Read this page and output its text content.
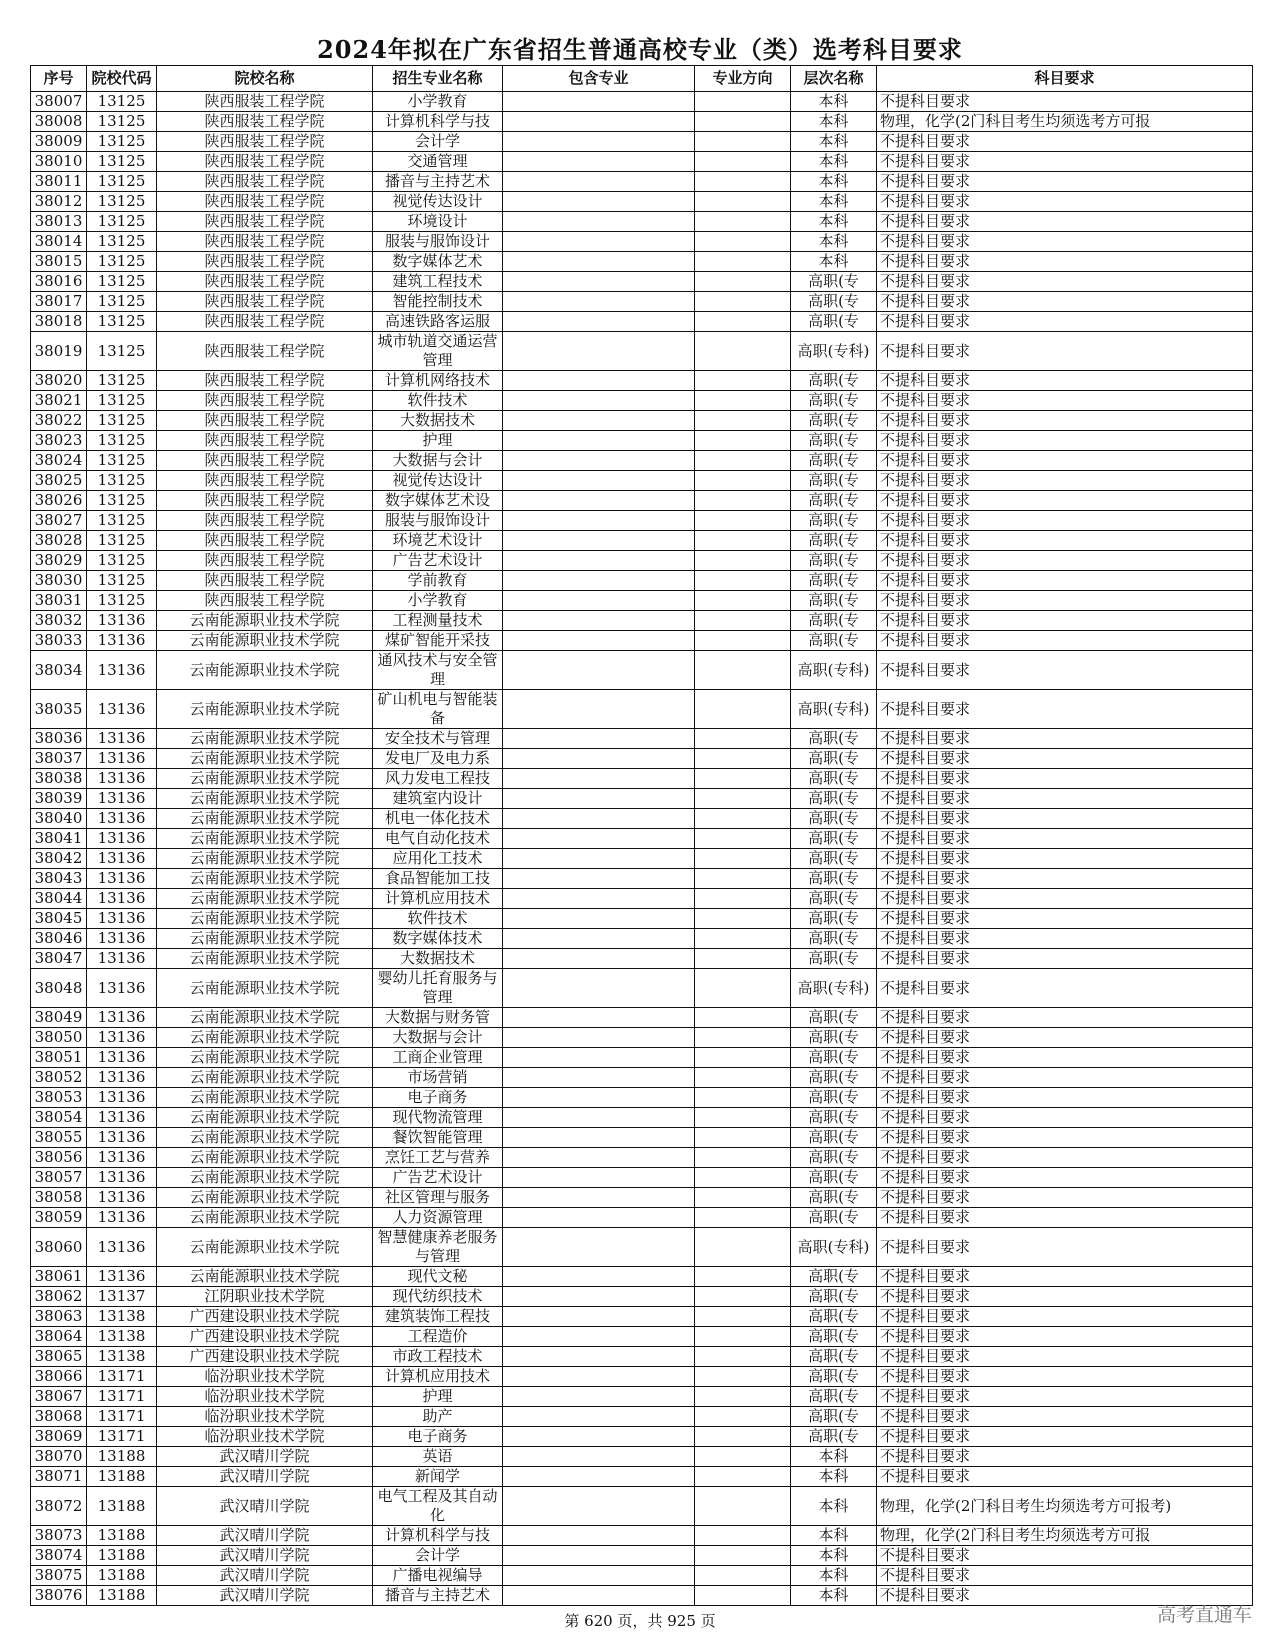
2024年拟在广东省招生普通高校专业（类）选考科目要求
序号	院校代码	院校名称	招生专业名称	包含专业	专业方向	层次名称	科目要求
38007	13125	陕西服装工程学院	小学教育			本科	不提科目要求
38008	13125	陕西服装工程学院	计算机科学与技			本科	物理，化学(2门科目考生均须选考方可报
38009	13125	陕西服装工程学院	会计学			本科	不提科目要求
38010	13125	陕西服装工程学院	交通管理			本科	不提科目要求
38011	13125	陕西服装工程学院	播音与主持艺术			本科	不提科目要求
38012	13125	陕西服装工程学院	视觉传达设计			本科	不提科目要求
38013	13125	陕西服装工程学院	环境设计			本科	不提科目要求
38014	13125	陕西服装工程学院	服装与服饰设计			本科	不提科目要求
38015	13125	陕西服装工程学院	数字媒体艺术			本科	不提科目要求
38016	13125	陕西服装工程学院	建筑工程技术			高职(专	不提科目要求
38017	13125	陕西服装工程学院	智能控制技术			高职(专	不提科目要求
38018	13125	陕西服装工程学院	高速铁路客运服			高职(专	不提科目要求
38019	13125	陕西服装工程学院	城市轨道交通运营管理			高职(专科)	不提科目要求
38020	13125	陕西服装工程学院	计算机网络技术			高职(专	不提科目要求
38021	13125	陕西服装工程学院	软件技术			高职(专	不提科目要求
38022	13125	陕西服装工程学院	大数据技术			高职(专	不提科目要求
38023	13125	陕西服装工程学院	护理			高职(专	不提科目要求
38024	13125	陕西服装工程学院	大数据与会计			高职(专	不提科目要求
38025	13125	陕西服装工程学院	视觉传达设计			高职(专	不提科目要求
38026	13125	陕西服装工程学院	数字媒体艺术设			高职(专	不提科目要求
38027	13125	陕西服装工程学院	服装与服饰设计			高职(专	不提科目要求
38028	13125	陕西服装工程学院	环境艺术设计			高职(专	不提科目要求
38029	13125	陕西服装工程学院	广告艺术设计			高职(专	不提科目要求
38030	13125	陕西服装工程学院	学前教育			高职(专	不提科目要求
38031	13125	陕西服装工程学院	小学教育			高职(专	不提科目要求
38032	13136	云南能源职业技术学院	工程测量技术			高职(专	不提科目要求
38033	13136	云南能源职业技术学院	煤矿智能开采技			高职(专	不提科目要求
38034	13136	云南能源职业技术学院	通风技术与安全管理			高职(专科)	不提科目要求
38035	13136	云南能源职业技术学院	矿山机电与智能装备			高职(专科)	不提科目要求
38036	13136	云南能源职业技术学院	安全技术与管理			高职(专	不提科目要求
38037	13136	云南能源职业技术学院	发电厂及电力系			高职(专	不提科目要求
38038	13136	云南能源职业技术学院	风力发电工程技			高职(专	不提科目要求
38039	13136	云南能源职业技术学院	建筑室内设计			高职(专	不提科目要求
38040	13136	云南能源职业技术学院	机电一体化技术			高职(专	不提科目要求
38041	13136	云南能源职业技术学院	电气自动化技术			高职(专	不提科目要求
38042	13136	云南能源职业技术学院	应用化工技术			高职(专	不提科目要求
38043	13136	云南能源职业技术学院	食品智能加工技			高职(专	不提科目要求
38044	13136	云南能源职业技术学院	计算机应用技术			高职(专	不提科目要求
38045	13136	云南能源职业技术学院	软件技术			高职(专	不提科目要求
38046	13136	云南能源职业技术学院	数字媒体技术			高职(专	不提科目要求
38047	13136	云南能源职业技术学院	大数据技术			高职(专	不提科目要求
38048	13136	云南能源职业技术学院	婴幼儿托育服务与管理			高职(专科)	不提科目要求
38049	13136	云南能源职业技术学院	大数据与财务管			高职(专	不提科目要求
38050	13136	云南能源职业技术学院	大数据与会计			高职(专	不提科目要求
38051	13136	云南能源职业技术学院	工商企业管理			高职(专	不提科目要求
38052	13136	云南能源职业技术学院	市场营销			高职(专	不提科目要求
38053	13136	云南能源职业技术学院	电子商务			高职(专	不提科目要求
38054	13136	云南能源职业技术学院	现代物流管理			高职(专	不提科目要求
38055	13136	云南能源职业技术学院	餐饮智能管理			高职(专	不提科目要求
38056	13136	云南能源职业技术学院	烹饪工艺与营养			高职(专	不提科目要求
38057	13136	云南能源职业技术学院	广告艺术设计			高职(专	不提科目要求
38058	13136	云南能源职业技术学院	社区管理与服务			高职(专	不提科目要求
38059	13136	云南能源职业技术学院	人力资源管理			高职(专	不提科目要求
38060	13136	云南能源职业技术学院	智慧健康养老服务与管理			高职(专科)	不提科目要求
38061	13136	云南能源职业技术学院	现代文秘			高职(专	不提科目要求
38062	13137	江阴职业技术学院	现代纺织技术			高职(专	不提科目要求
38063	13138	广西建设职业技术学院	建筑装饰工程技			高职(专	不提科目要求
38064	13138	广西建设职业技术学院	工程造价			高职(专	不提科目要求
38065	13138	广西建设职业技术学院	市政工程技术			高职(专	不提科目要求
38066	13171	临汾职业技术学院	计算机应用技术			高职(专	不提科目要求
38067	13171	临汾职业技术学院	护理			高职(专	不提科目要求
38068	13171	临汾职业技术学院	助产			高职(专	不提科目要求
38069	13171	临汾职业技术学院	电子商务			高职(专	不提科目要求
38070	13188	武汉晴川学院	英语			本科	不提科目要求
38071	13188	武汉晴川学院	新闻学			本科	不提科目要求
38072	13188	武汉晴川学院	电气工程及其自动化			本科	物理，化学(2门科目考生均须选考方可报考)
38073	13188	武汉晴川学院	计算机科学与技			本科	物理，化学(2门科目考生均须选考方可报
38074	13188	武汉晴川学院	会计学			本科	不提科目要求
38075	13188	武汉晴川学院	广播电视编导			本科	不提科目要求
38076	13188	武汉晴川学院	播音与主持艺术			本科	不提科目要求
第 620 页，共 925 页	高考直通车
